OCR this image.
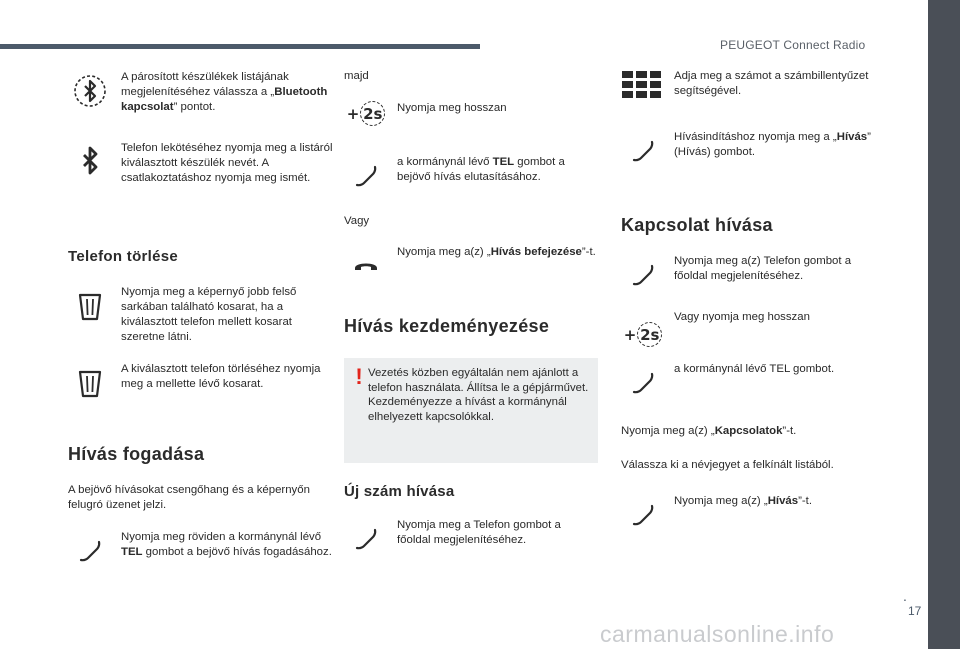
PEUGEOT Connect Radio
A párosított készülékek listájának megjelenítéséhez válassza a „Bluetooth kapcsolat” pontot.
Telefon lekötéséhez nyomja meg a listáról kiválasztott készülék nevét. A csatlakoztatáshoz nyomja meg ismét.
Telefon törlése
Nyomja meg a képernyő jobb felső sarkában található kosarat, ha a kiválasztott telefon mellett kosarat szeretne látni.
A kiválasztott telefon törléséhez nyomja meg a mellette lévő kosarat.
Hívás fogadása
A bejövő hívásokat csengőhang és a képernyőn felugró üzenet jelzi.
Nyomja meg röviden a kormánynál lévő TEL gombot a bejövő hívás fogadásához.
majd
+ 2s Nyomja meg hosszan
a kormánynál lévő TEL gombot a bejövő hívás elutasításához.
Vagy
Nyomja meg a(z) „Hívás befejezése”-t.
Hívás kezdeményezése
! Vezetés közben egyáltalán nem ajánlott a telefon használata. Állítsa le a gépjárművet. Kezdeményezze a hívást a kormánynál elhelyezett kapcsolókkal.
Új szám hívása
Nyomja meg a Telefon gombot a főoldal megjelenítéséhez.
Adja meg a számot a számbillentyűzet segítségével.
Hívásindításhoz nyomja meg a „Hívás” (Hívás) gombot.
Kapcsolat hívása
Nyomja meg a(z) Telefon gombot a főoldal megjelenítéséhez.
+ 2s
Vagy nyomja meg hosszan
a kormánynál lévő TEL gombot.
Nyomja meg a(z) „Kapcsolatok”-t.
Válassza ki a névjegyet a felkínált listából.
Nyomja meg a(z) „Hívás”-t.
.
17
carmanualsonline.info
